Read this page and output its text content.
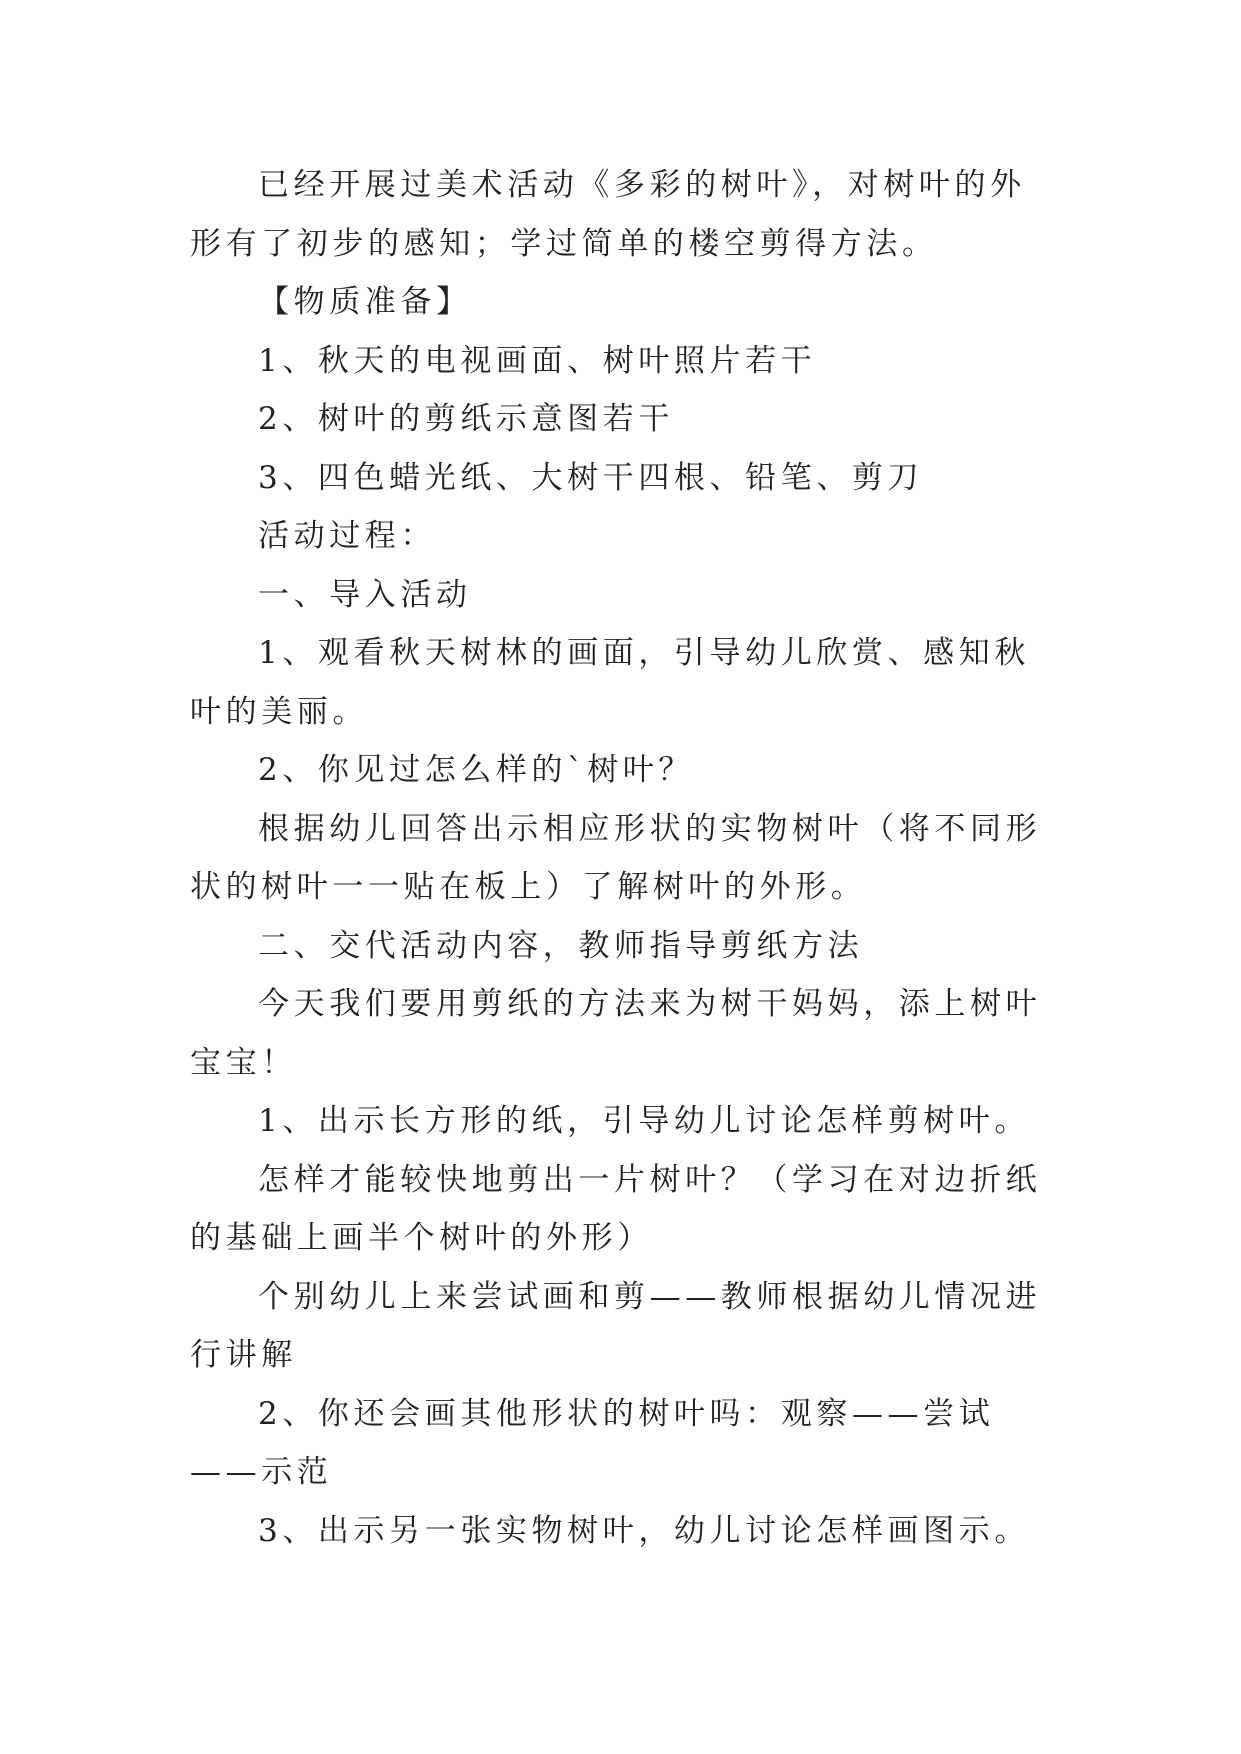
已经开展过美术活动《多彩的树叶》，对树叶的外形有了初步的感知；学过简单的楼空剪得方法。

【物质准备】

1、秋天的电视画面、树叶照片若干

2、树叶的剪纸示意图若干

3、四色蜡光纸、大树干四根、铅笔、剪刀

活动过程：

一、导入活动

1、观看秋天树林的画面，引导幼儿欣赏、感知秋叶的美丽。

2、你见过怎么样的`树叶？

根据幼儿回答出示相应形状的实物树叶（将不同形状的树叶一一贴在板上）了解树叶的外形。

二、交代活动内容，教师指导剪纸方法

今天我们要用剪纸的方法来为树干妈妈，添上树叶宝宝！

1、出示长方形的纸，引导幼儿讨论怎样剪树叶。

怎样才能较快地剪出一片树叶？（学习在对边折纸的基础上画半个树叶的外形）

个别幼儿上来尝试画和剪——教师根据幼儿情况进行讲解

2、你还会画其他形状的树叶吗：观察——尝试——示范

3、出示另一张实物树叶，幼儿讨论怎样画图示。
